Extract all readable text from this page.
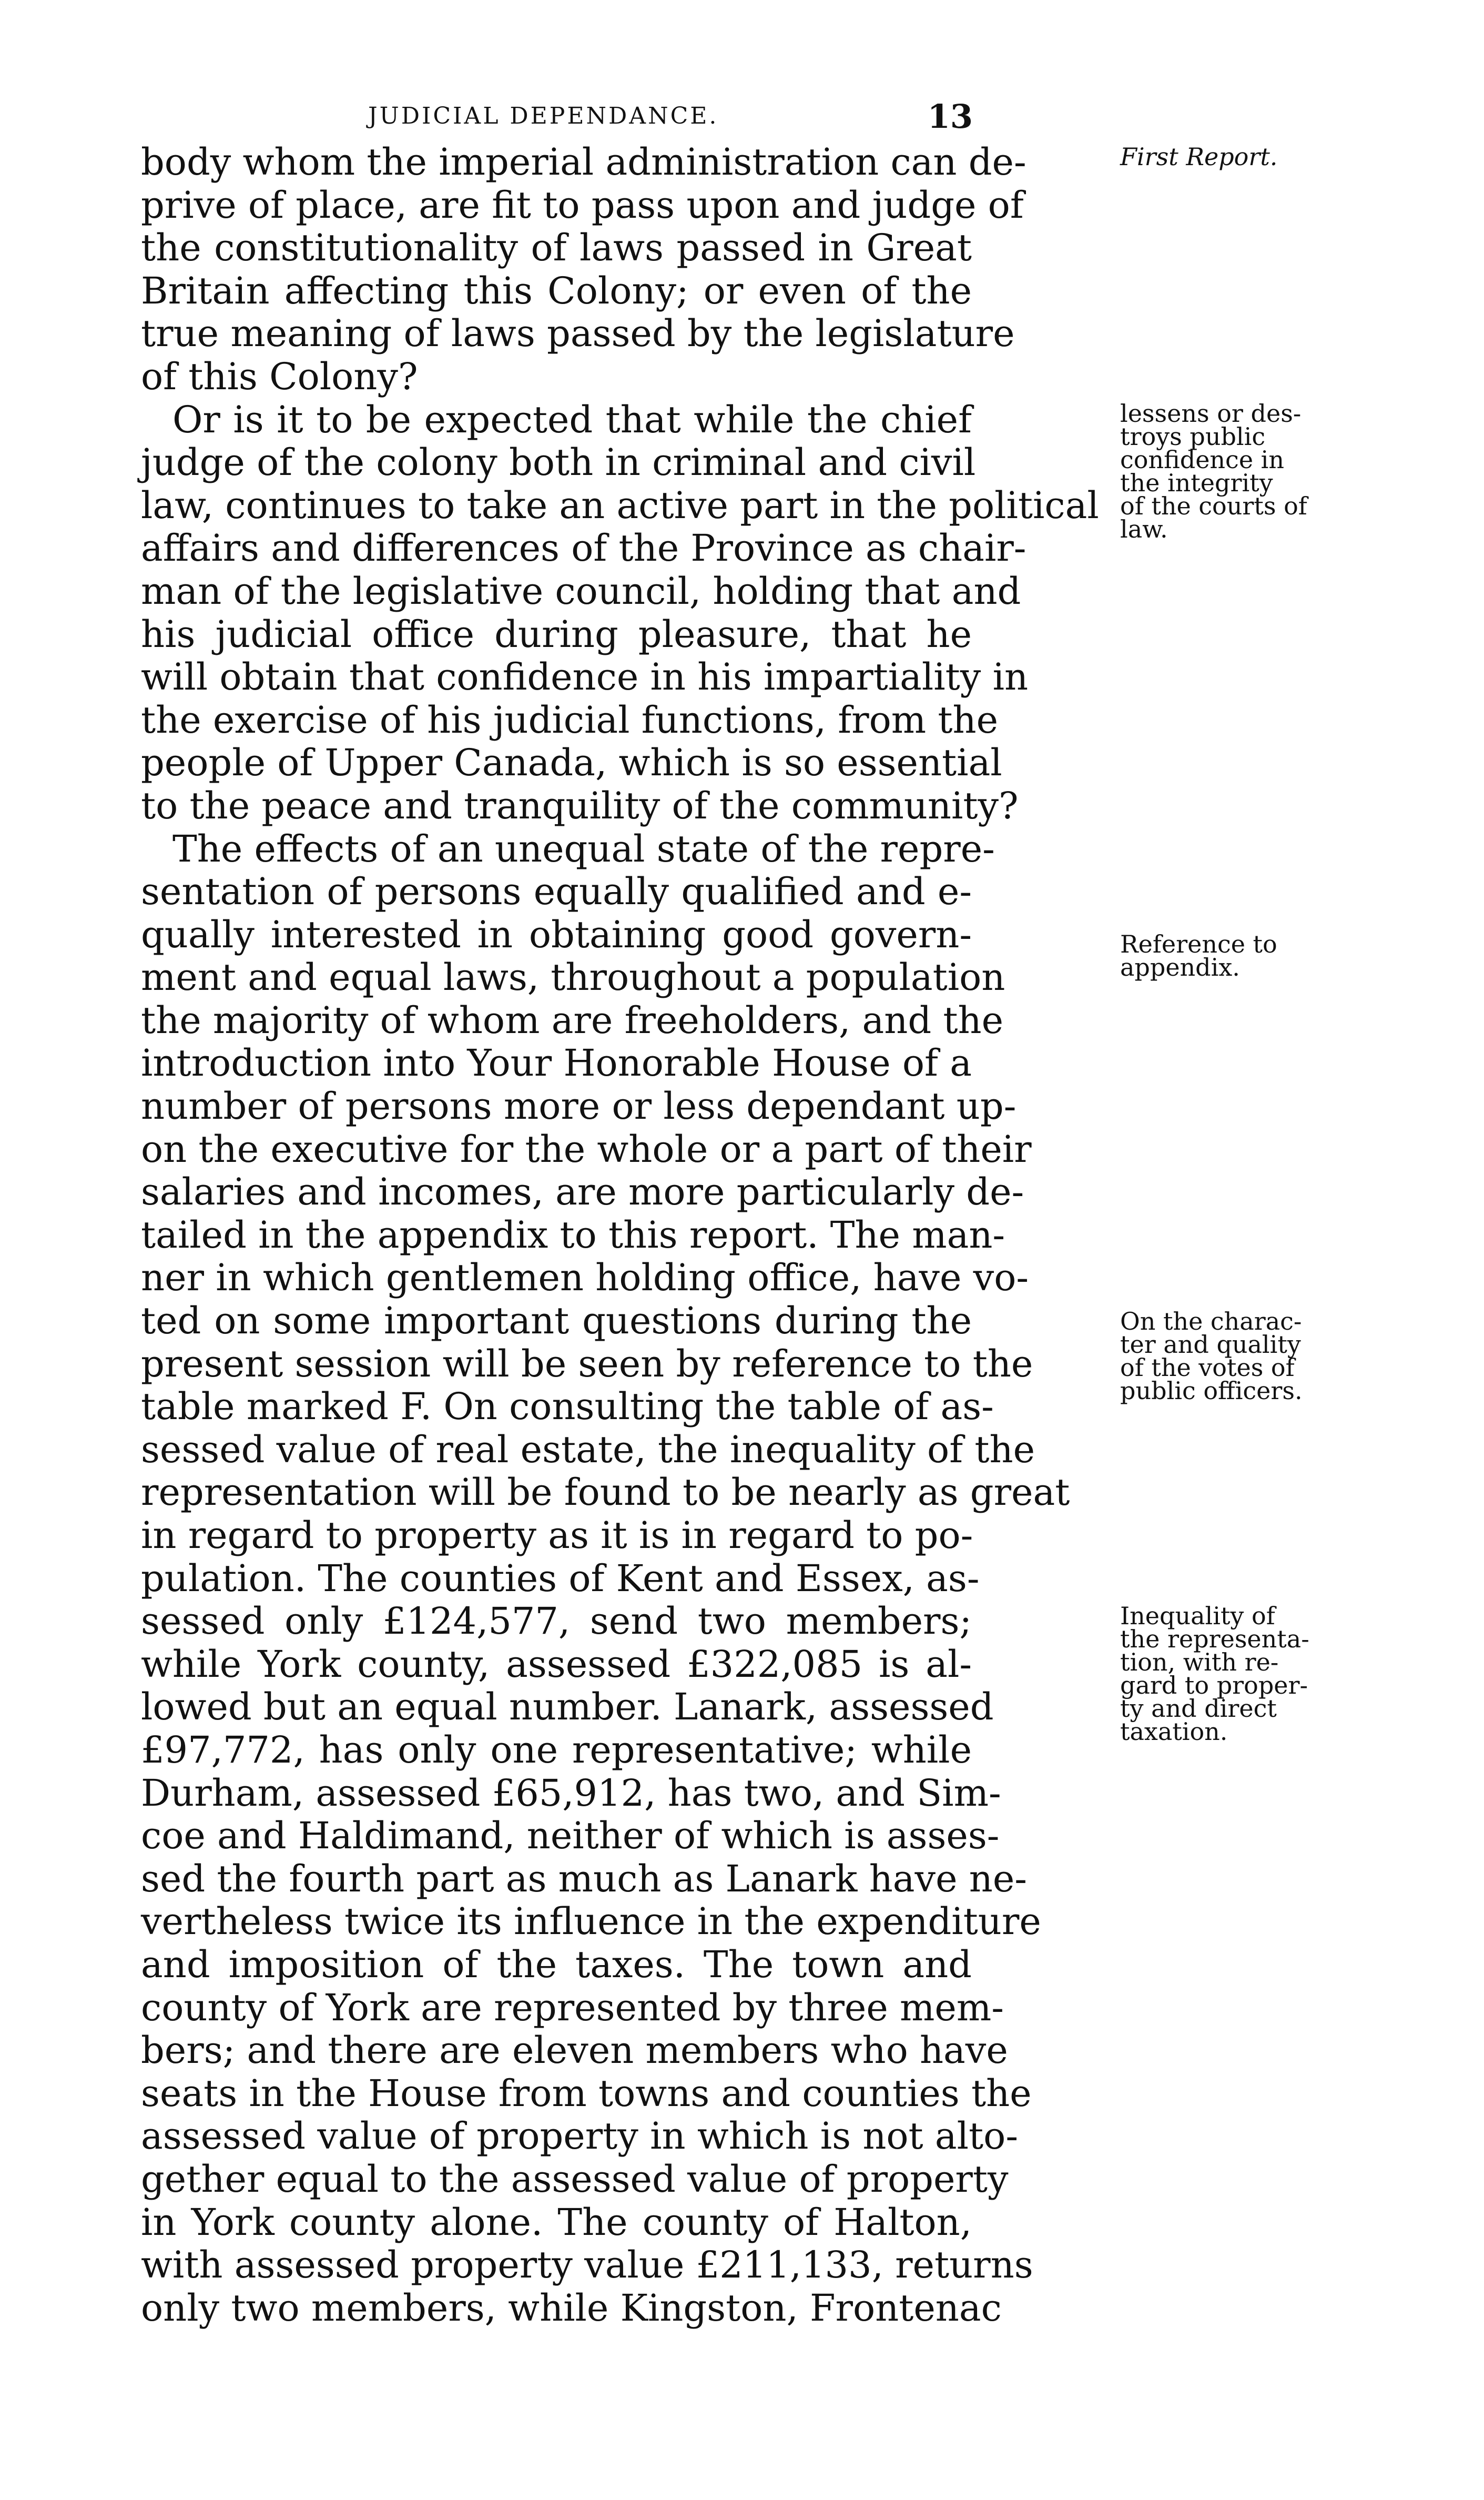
JUDICIAL DEPENDANCE.	13
body whom the imperial administration can de-
prive of place, are fit to pass upon and judge of
the constitutionality of laws passed in Great
Britain affecting this Colony; or even of the
true meaning of laws passed by the legislature
of this Colony?
Or is it to be expected that while the chief
judge of the colony both in criminal and civil
law, continues to take an active part in the political
affairs and differences of the Province as chair-
man of the legislative council, holding that and
his judicial office during pleasure, that he
will obtain that confidence in his impartiality in
the exercise of his judicial functions, from the
people of Upper Canada, which is so essential
to the peace and tranquility of the community?
The effects of an unequal state of the repre-
sentation of persons equally qualified and e-
qually interested in obtaining good govern-
ment and equal laws, throughout a population
the majority of whom are freeholders, and the
introduction into Your Honorable House of a
number of persons more or less dependant up-
on the executive for the whole or a part of their
salaries and incomes, are more particularly de-
tailed in the appendix to this report. The man-
ner in which gentlemen holding office, have vo-
ted on some important questions during the
present session will be seen by reference to the
table marked F. On consulting the table of as-
sessed value of real estate, the inequality of the
representation will be found to be nearly as great
in regard to property as it is in regard to po-
pulation. The counties of Kent and Essex, as-
sessed only £124,577, send two members;
while York county, assessed £322,085 is al-
lowed but an equal number. Lanark, assessed
£97,772, has only one representative; while
Durham, assessed £65,912, has two, and Sim-
coe and Haldimand, neither of which is asses-
sed the fourth part as much as Lanark have ne-
vertheless twice its influence in the expenditure
and imposition of the taxes. The town and
county of York are represented by three mem-
bers; and there are eleven members who have
seats in the House from towns and counties the
assessed value of property in which is not alto-
gether equal to the assessed value of property
in York county alone. The county of Halton,
with assessed property value £211,133, returns
only two members, while Kingston, Frontenac
First Report.
lessens or des-
troys public
confidence in
the integrity
of the courts of
law.
Reference to
appendix.
On the charac-
ter and quality
of the votes of
public officers.
Inequality of
the representa-
tion, with re-
gard to proper-
ty and direct
taxation.
